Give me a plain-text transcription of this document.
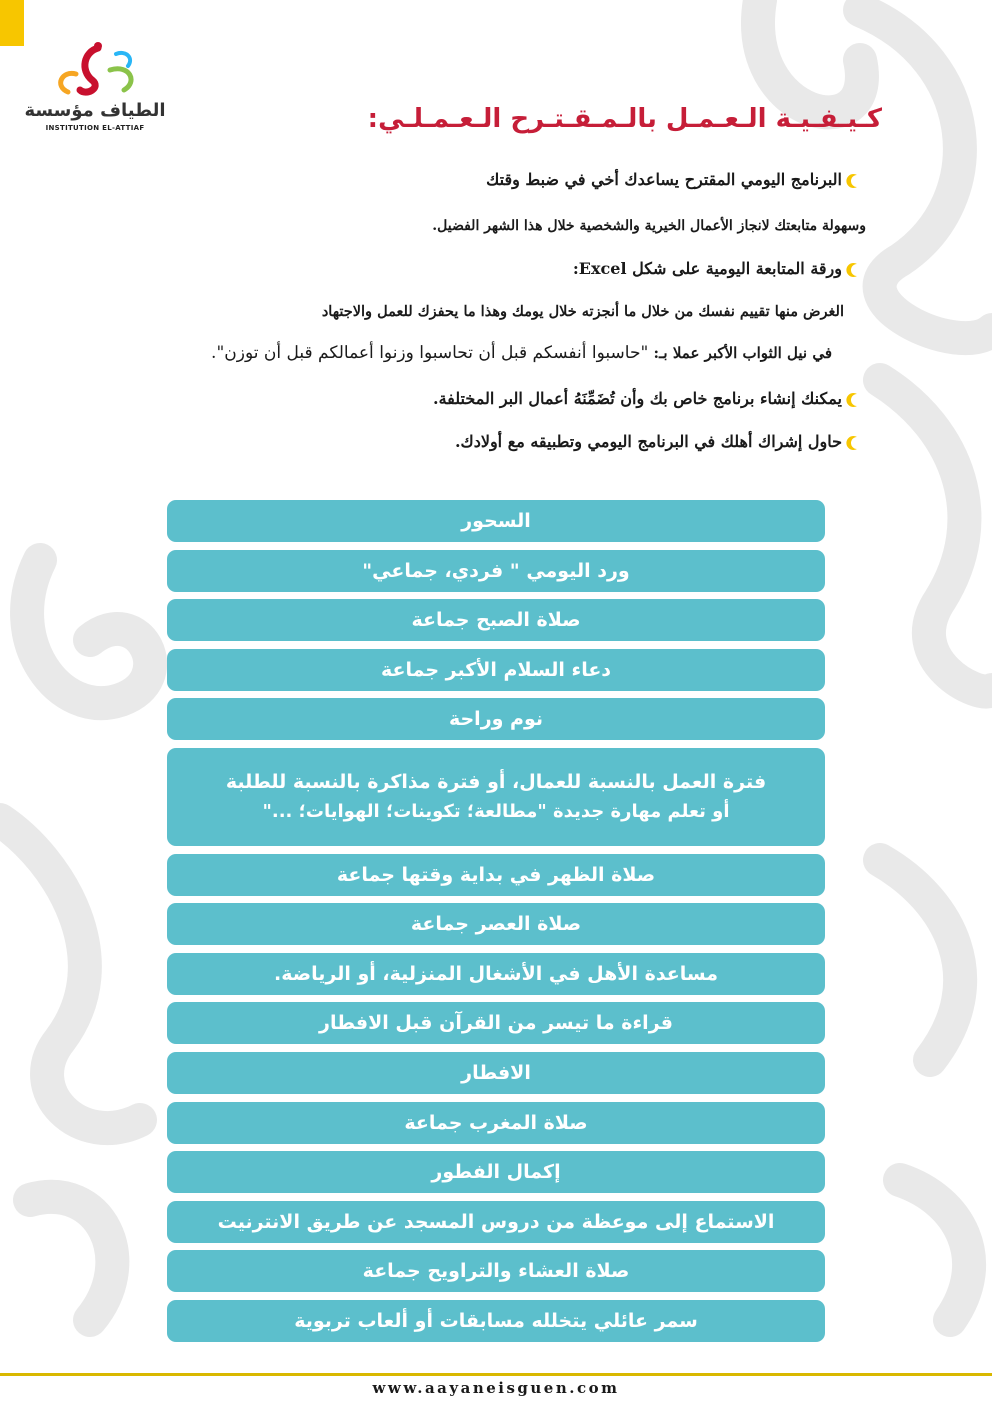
الطياف مؤسسة
INSTITUTION EL-ATTIAF	كـيـفـيـة الـعـمـل بالـمـقـتـرح الـعـمـلـي:
البرنامج اليومي المقترح يساعدك أخي في ضبط وقتك
وسهولة متابعتك لانجاز الأعمال الخيرية والشخصية خلال هذا الشهر الفضيل.
ورقة المتابعة اليومية على شكل Excel:
الغرض منها تقييم نفسك من خلال ما أنجزته خلال يومك وهذا ما يحفزك للعمل والاجتهاد
في نيل الثواب الأكبر عملا بـ: "حاسبوا أنفسكم قبل أن تحاسبوا وزنوا أعمالكم قبل أن توزن".
يمكنك إنشاء برنامج خاص بك وأن تُضَمِّنَهُ أعمال البر المختلفة.
حاول إشراك أهلك في البرنامج اليومي وتطبيقه مع أولادك.
السحور
ورد اليومي " فردي، جماعي"
صلاة الصبح جماعة
دعاء السلام الأكبر جماعة
نوم وراحة
فترة العمل بالنسبة للعمال، أو فترة مذاكرة بالنسبة للطلبة
أو تعلم مهارة جديدة "مطالعة؛ تكوينات؛ الهوايات؛ ..."
صلاة الظهر في بداية وقتها جماعة
صلاة العصر جماعة
مساعدة الأهل في الأشغال المنزلية، أو الرياضة.
قراءة ما تيسر من القرآن قبل الافطار
الافطار
صلاة المغرب جماعة
إكمال الفطور
الاستماع إلى موعظة من دروس المسجد عن طريق الانترنيت
صلاة العشاء والتراويح جماعة
سمر عائلي يتخلله مسابقات أو ألعاب تربوية
www.aayaneisguen.com
